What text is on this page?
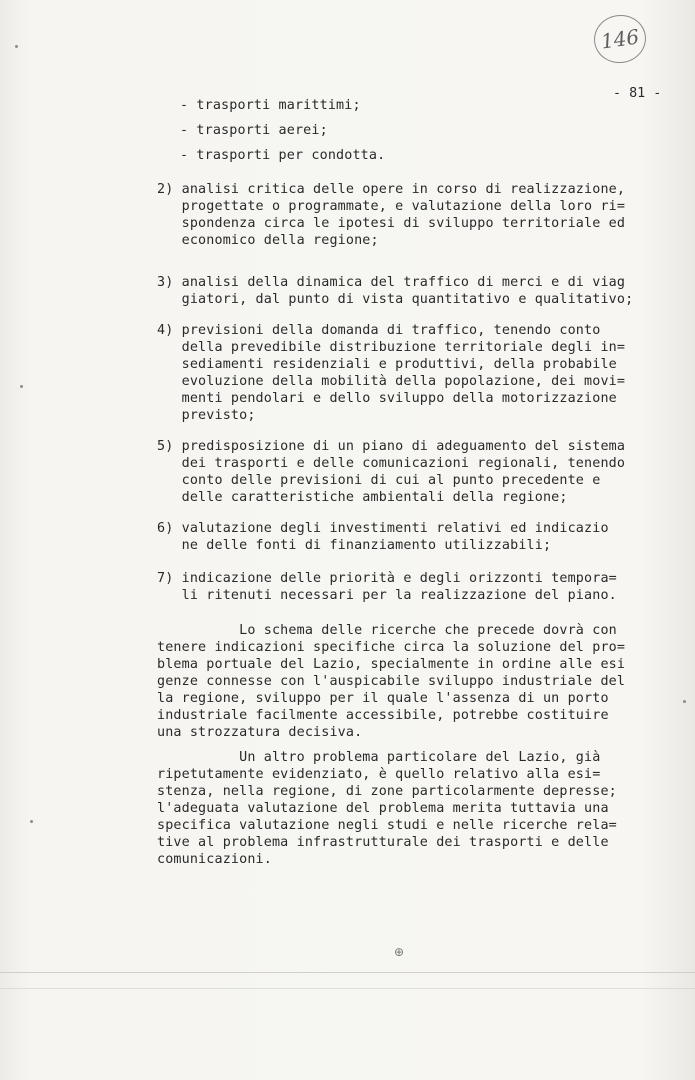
146
- 81 -
- trasporti marittimi;
- trasporti aerei;
- trasporti per condotta.
2) analisi critica delle opere in corso di realizzazione,
progettate o programmate, e valutazione della loro ri=
spondenza circa le ipotesi di sviluppo territoriale ed
economico della regione;
3) analisi della dinamica del traffico di merci e di viag
giatori, dal punto di vista quantitativo e qualitativo;
4) previsioni della domanda di traffico, tenendo conto
della prevedibile distribuzione territoriale degli in=
sediamenti residenziali e produttivi, della probabile
evoluzione della mobilità della popolazione, dei movi=
menti pendolari e dello sviluppo della motorizzazione
previsto;
5) predisposizione di un piano di adeguamento del sistema
dei trasporti e delle comunicazioni regionali, tenendo
conto delle previsioni di cui al punto precedente e
delle caratteristiche ambientali della regione;
6) valutazione degli investimenti relativi ed indicazio
ne delle fonti di finanziamento utilizzabili;
7) indicazione delle priorità e degli orizzonti tempora=
li ritenuti necessari per la realizzazione del piano.
Lo schema delle ricerche che precede dovrà con
tenere indicazioni specifiche circa la soluzione del pro=
blema portuale del Lazio, specialmente in ordine alle esi
genze connesse con l'auspicabile sviluppo industriale del
la regione, sviluppo per il quale l'assenza di un porto
industriale facilmente accessibile, potrebbe costituire
una strozzatura decisiva.
Un altro problema particolare del Lazio, già
ripetutamente evidenziato, è quello relativo alla esi=
stenza, nella regione, di zone particolarmente depresse;
l'adeguata valutazione del problema merita tuttavia una
specifica valutazione negli studi e nelle ricerche rela=
tive al problema infrastrutturale dei trasporti e delle
comunicazioni.
⊕
